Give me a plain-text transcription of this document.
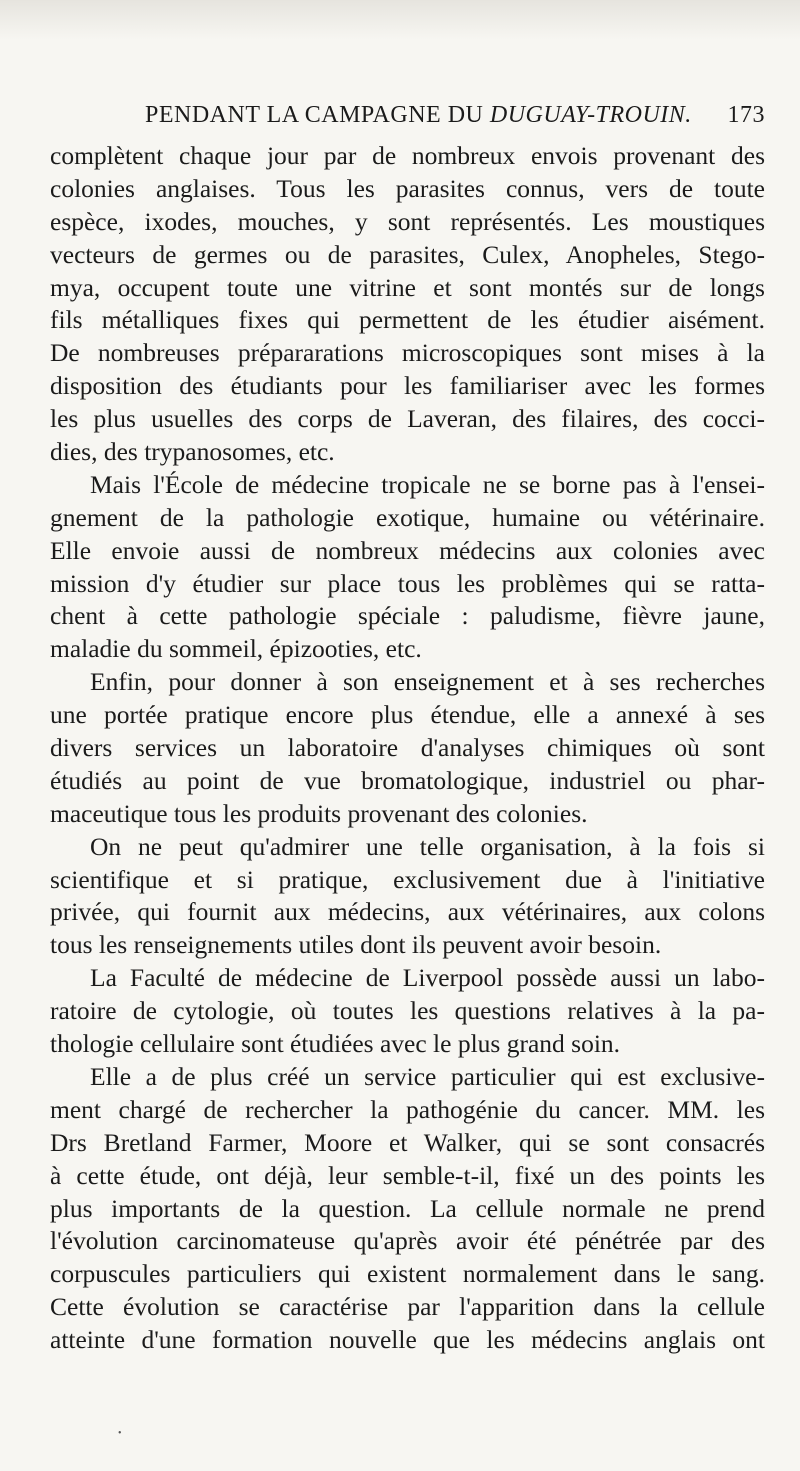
PENDANT LA CAMPAGNE DU DUGUAY-TROUIN. 173
complètent chaque jour par de nombreux envois provenant des
colonies anglaises. Tous les parasites connus, vers de toute
espèce, ixodes, mouches, y sont représentés. Les moustiques
vecteurs de germes ou de parasites, Culex, Anopheles, Stego-
mya, occupent toute une vitrine et sont montés sur de longs
fils métalliques fixes qui permettent de les étudier aisément.
De nombreuses prépararations microscopiques sont mises à la
disposition des étudiants pour les familiariser avec les formes
les plus usuelles des corps de Laveran, des filaires, des cocci-
dies, des trypanosomes, etc.
Mais l'École de médecine tropicale ne se borne pas à l'ensei-
gnement de la pathologie exotique, humaine ou vétérinaire.
Elle envoie aussi de nombreux médecins aux colonies avec
mission d'y étudier sur place tous les problèmes qui se ratta-
chent à cette pathologie spéciale : paludisme, fièvre jaune,
maladie du sommeil, épizooties, etc.
Enfin, pour donner à son enseignement et à ses recherches
une portée pratique encore plus étendue, elle a annexé à ses
divers services un laboratoire d'analyses chimiques où sont
étudiés au point de vue bromatologique, industriel ou phar-
maceutique tous les produits provenant des colonies.
On ne peut qu'admirer une telle organisation, à la fois si
scientifique et si pratique, exclusivement due à l'initiative
privée, qui fournit aux médecins, aux vétérinaires, aux colons
tous les renseignements utiles dont ils peuvent avoir besoin.
La Faculté de médecine de Liverpool possède aussi un labo-
ratoire de cytologie, où toutes les questions relatives à la pa-
thologie cellulaire sont étudiées avec le plus grand soin.
Elle a de plus créé un service particulier qui est exclusive-
ment chargé de rechercher la pathogénie du cancer. MM. les
Drs Bretland Farmer, Moore et Walker, qui se sont consacrés
à cette étude, ont déjà, leur semble-t-il, fixé un des points les
plus importants de la question. La cellule normale ne prend
l'évolution carcinomateuse qu'après avoir été pénétrée par des
corpuscules particuliers qui existent normalement dans le sang.
Cette évolution se caractérise par l'apparition dans la cellule
atteinte d'une formation nouvelle que les médecins anglais ont
•
